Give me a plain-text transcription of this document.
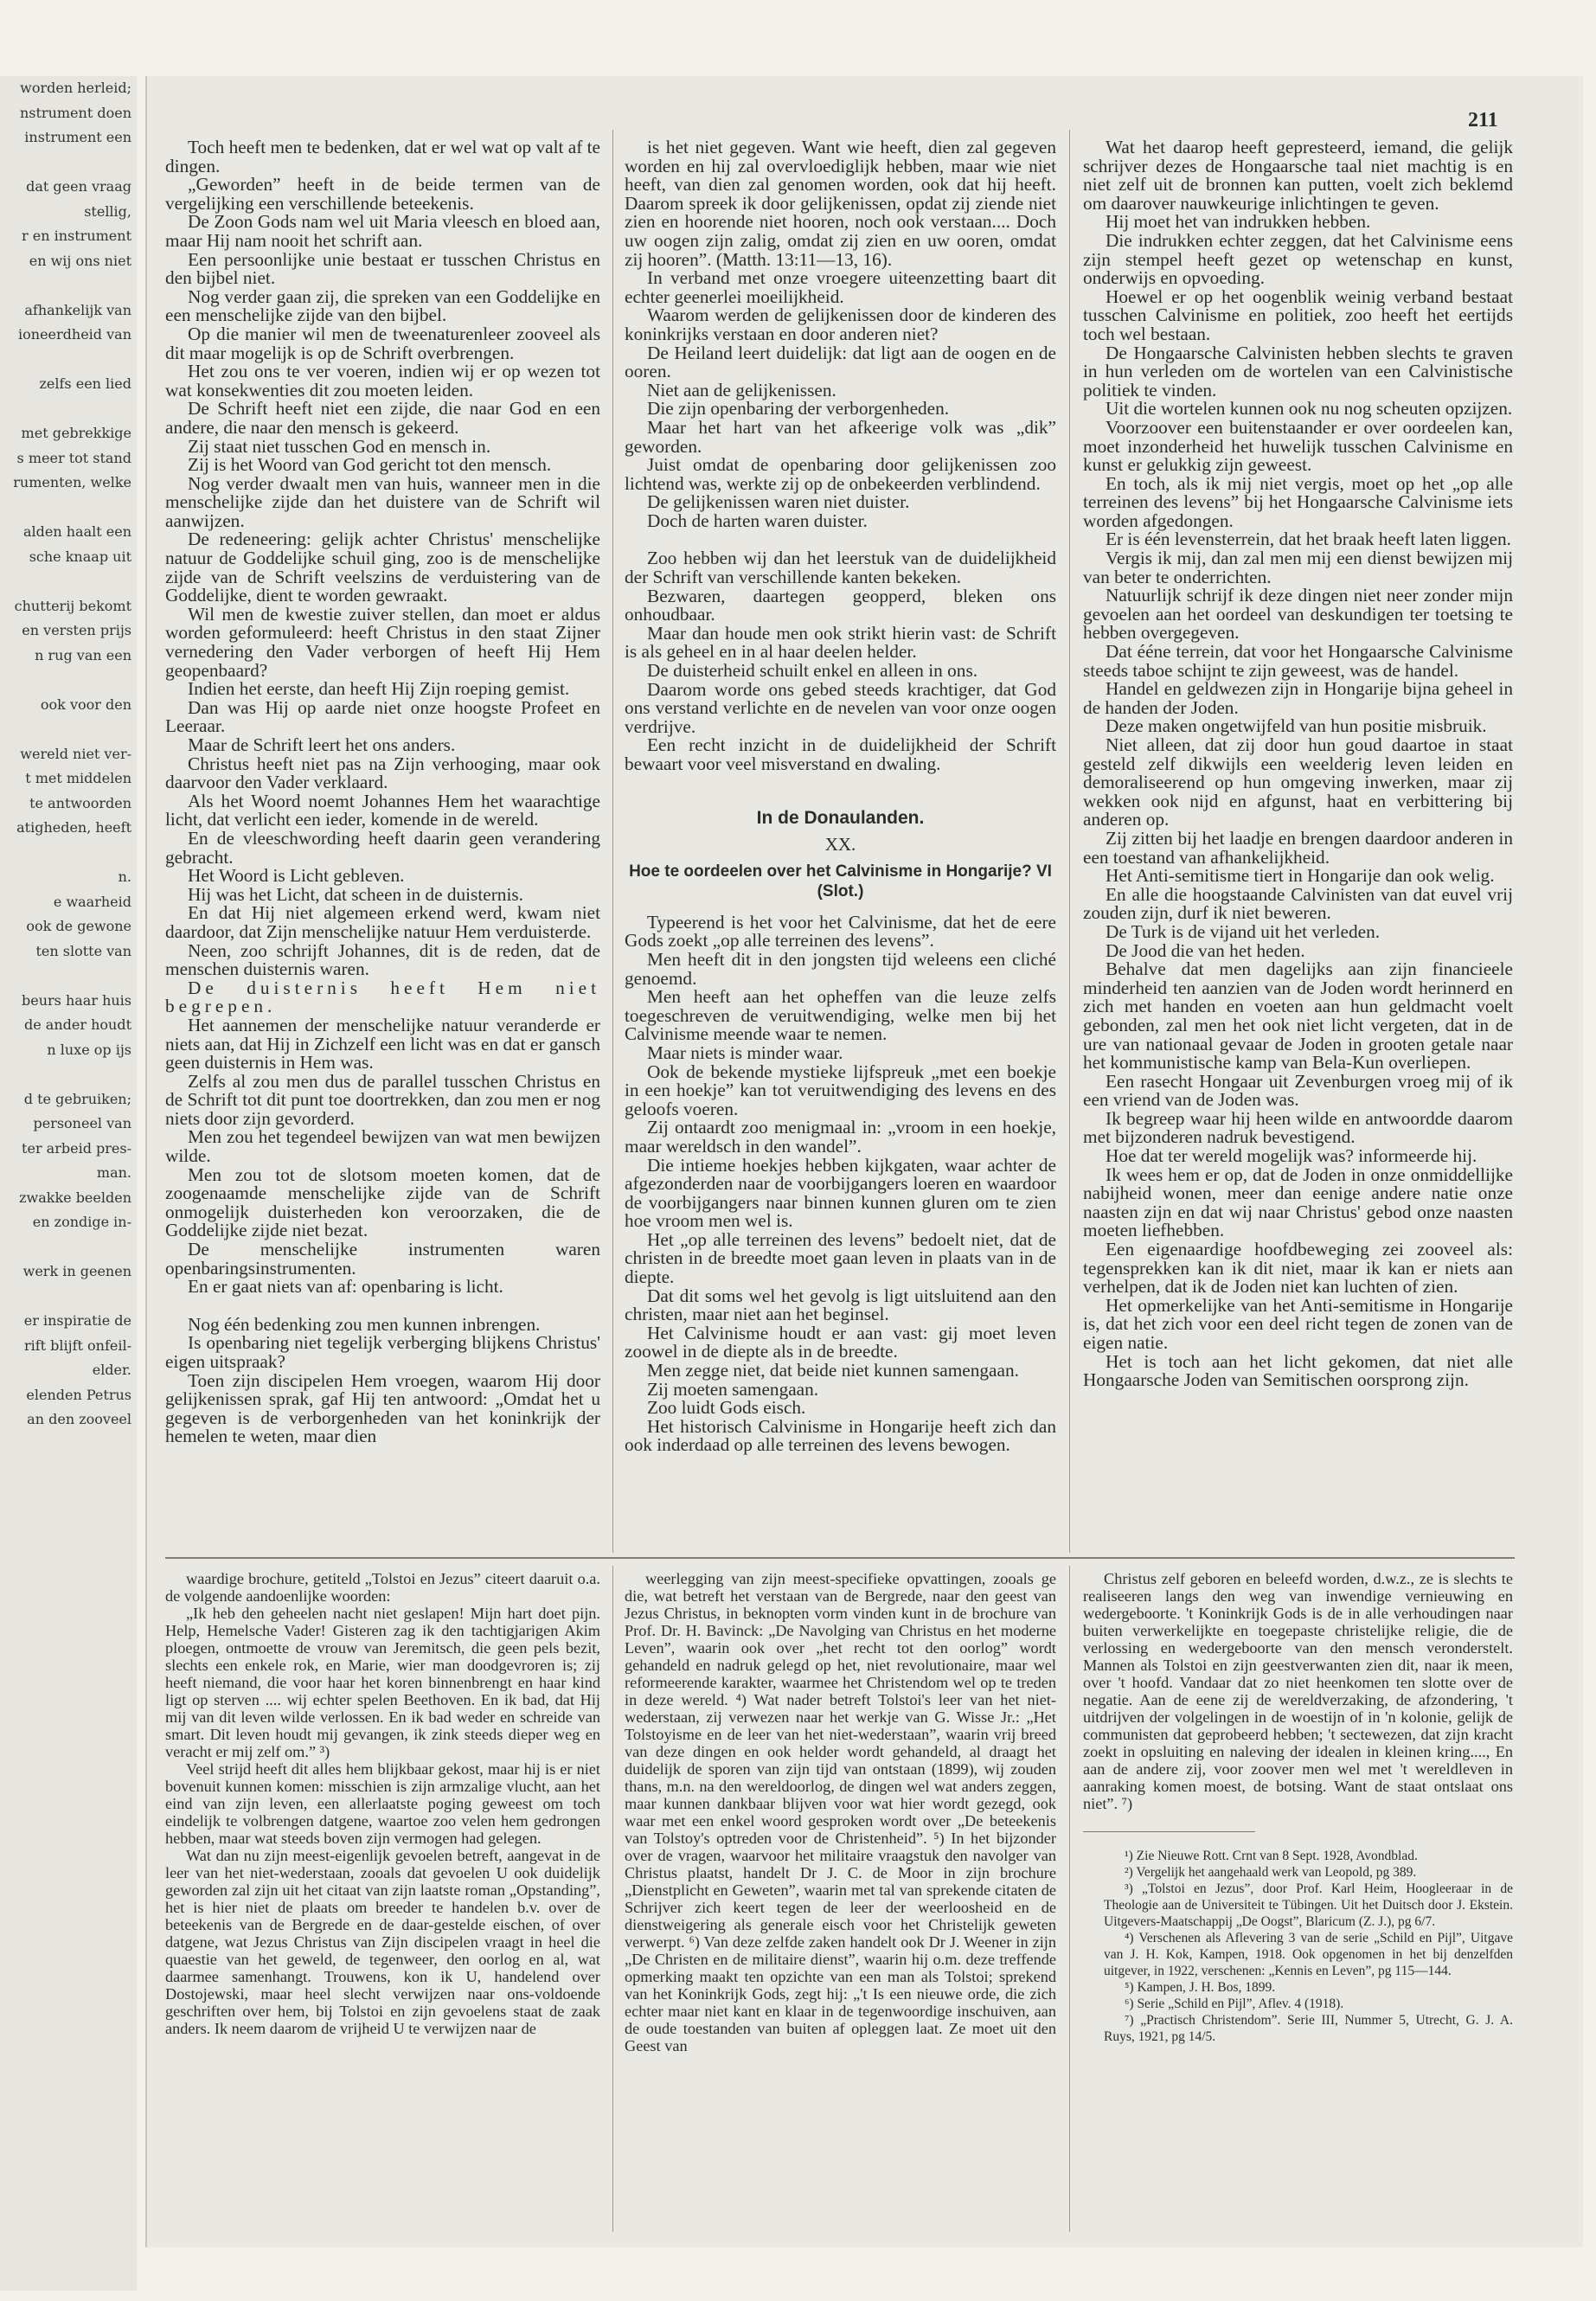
worden herleid;
nstrument doen
instrument een

dat geen vraag
stellig,
r en instrument
en wij ons niet

afhankelijk van
ioneerdheid van

zelfs een lied

met gebrekkige
s meer tot stand
rumenten, welke

alden haalt een
sche knaap uit

chutterij bekomt
en versten prijs
n rug van een

ook voor den

wereld niet ver-
t met middelen
te antwoorden
atigheden, heeft

n.
e waarheid
ook de gewone
ten slotte van

beurs haar huis
de ander houdt
n luxe op ijs

d te gebruiken;
personeel van
ter arbeid pres-
man.
zwakke beelden
en zondige in-

werk in geenen

er inspiratie de
rift blijft onfeil-
elder.
elenden Petrus
an den zooveel
211

Toch heeft men te bedenken, dat er wel wat op valt af te dingen.

„Geworden” heeft in de beide termen van de vergelijking een verschillende beteekenis.

De Zoon Gods nam wel uit Maria vleesch en bloed aan, maar Hij nam nooit het schrift aan.

Een persoonlijke unie bestaat er tusschen Christus en den bijbel niet.

Nog verder gaan zij, die spreken van een Goddelijke en een menschelijke zijde van den bijbel.

Op die manier wil men de tweenaturenleer zooveel als dit maar mogelijk is op de Schrift overbrengen.

Het zou ons te ver voeren, indien wij er op wezen tot wat konsekwenties dit zou moeten leiden.

De Schrift heeft niet een zijde, die naar God en een andere, die naar den mensch is gekeerd.

Zij staat niet tusschen God en mensch in.

Zij is het Woord van God gericht tot den mensch.

Nog verder dwaalt men van huis, wanneer men in die menschelijke zijde dan het duistere van de Schrift wil aanwijzen.

De redeneering: gelijk achter Christus' menschelijke natuur de Goddelijke schuil ging, zoo is de menschelijke zijde van de Schrift veelszins de verduistering van de Goddelijke, dient te worden gewraakt.

Wil men de kwestie zuiver stellen, dan moet er aldus worden geformuleerd: heeft Christus in den staat Zijner vernedering den Vader verborgen of heeft Hij Hem geopenbaard?

Indien het eerste, dan heeft Hij Zijn roeping gemist.

Dan was Hij op aarde niet onze hoogste Profeet en Leeraar.

Maar de Schrift leert het ons anders.

Christus heeft niet pas na Zijn verhooging, maar ook daarvoor den Vader verklaard.

Als het Woord noemt Johannes Hem het waarachtige licht, dat verlicht een ieder, komende in de wereld.

En de vleeschwording heeft daarin geen verandering gebracht.

Het Woord is Licht gebleven.

Hij was het Licht, dat scheen in de duisternis.

En dat Hij niet algemeen erkend werd, kwam niet daardoor, dat Zijn menschelijke natuur Hem verduisterde.

Neen, zoo schrijft Johannes, dit is de reden, dat de menschen duisternis waren.

De duisternis heeft Hem niet begrepen.

Het aannemen der menschelijke natuur veranderde er niets aan, dat Hij in Zichzelf een licht was en dat er gansch geen duisternis in Hem was.

Zelfs al zou men dus de parallel tusschen Christus en de Schrift tot dit punt toe doortrekken, dan zou men er nog niets door zijn gevorderd.

Men zou het tegendeel bewijzen van wat men bewijzen wilde.

Men zou tot de slotsom moeten komen, dat de zoogenaamde menschelijke zijde van de Schrift onmogelijk duisterheden kon veroorzaken, die de Goddelijke zijde niet bezat.

De menschelijke instrumenten waren openbaringsinstrumenten.

En er gaat niets van af: openbaring is licht.

Nog één bedenking zou men kunnen inbrengen.

Is openbaring niet tegelijk verberging blijkens Christus' eigen uitspraak?

Toen zijn discipelen Hem vroegen, waarom Hij door gelijkenissen sprak, gaf Hij ten antwoord: „Omdat het u gegeven is de verborgenheden van het koninkrijk der hemelen te weten, maar dien

is het niet gegeven. Want wie heeft, dien zal gegeven worden en hij zal overvloediglijk hebben, maar wie niet heeft, van dien zal genomen worden, ook dat hij heeft. Daarom spreek ik door gelijkenissen, opdat zij ziende niet zien en hoorende niet hooren, noch ook verstaan.... Doch uw oogen zijn zalig, omdat zij zien en uw ooren, omdat zij hooren”. (Matth. 13:11—13, 16).

In verband met onze vroegere uiteenzetting baart dit echter geenerlei moeilijkheid.

Waarom werden de gelijkenissen door de kinderen des koninkrijks verstaan en door anderen niet?

De Heiland leert duidelijk: dat ligt aan de oogen en de ooren.

Niet aan de gelijkenissen.

Die zijn openbaring der verborgenheden.

Maar het hart van het afkeerige volk was „dik” geworden.

Juist omdat de openbaring door gelijkenissen zoo lichtend was, werkte zij op de onbekeerden verblindend.

De gelijkenissen waren niet duister.

Doch de harten waren duister.

Zoo hebben wij dan het leerstuk van de duidelijkheid der Schrift van verschillende kanten bekeken.

Bezwaren, daartegen geopperd, bleken ons onhoudbaar.

Maar dan houde men ook strikt hierin vast: de Schrift is als geheel en in al haar deelen helder.

De duisterheid schuilt enkel en alleen in ons.

Daarom worde ons gebed steeds krachtiger, dat God ons verstand verlichte en de nevelen van voor onze oogen verdrijve.

Een recht inzicht in de duidelijkheid der Schrift bewaart voor veel misverstand en dwaling.

In de Donaulanden.
XX.
Hoe te oordeelen over het Calvinisme in Hongarije? VI (Slot.)

Typeerend is het voor het Calvinisme, dat het de eere Gods zoekt „op alle terreinen des levens”.

Men heeft dit in den jongsten tijd weleens een cliché genoemd.

Men heeft aan het opheffen van die leuze zelfs toegeschreven de veruitwendiging, welke men bij het Calvinisme meende waar te nemen.

Maar niets is minder waar.

Ook de bekende mystieke lijfspreuk „met een boekje in een hoekje” kan tot veruitwendiging des levens en des geloofs voeren.

Zij ontaardt zoo menigmaal in: „vroom in een hoekje, maar wereldsch in den wandel”.

Die intieme hoekjes hebben kijkgaten, waar achter de afgezonderden naar de voorbijgangers loeren en waardoor de voorbijgangers naar binnen kunnen gluren om te zien hoe vroom men wel is.

Het „op alle terreinen des levens” bedoelt niet, dat de christen in de breedte moet gaan leven in plaats van in de diepte.

Dat dit soms wel het gevolg is ligt uitsluitend aan den christen, maar niet aan het beginsel.

Het Calvinisme houdt er aan vast: gij moet leven zoowel in de diepte als in de breedte.

Men zegge niet, dat beide niet kunnen samengaan.

Zij moeten samengaan.

Zoo luidt Gods eisch.

Het historisch Calvinisme in Hongarije heeft zich dan ook inderdaad op alle terreinen des levens bewogen.

Wat het daarop heeft gepresteerd, iemand, die gelijk schrijver dezes de Hongaarsche taal niet machtig is en niet zelf uit de bronnen kan putten, voelt zich beklemd om daarover nauwkeurige inlichtingen te geven.

Hij moet het van indrukken hebben.

Die indrukken echter zeggen, dat het Calvinisme eens zijn stempel heeft gezet op wetenschap en kunst, onderwijs en opvoeding.

Hoewel er op het oogenblik weinig verband bestaat tusschen Calvinisme en politiek, zoo heeft het eertijds toch wel bestaan.

De Hongaarsche Calvinisten hebben slechts te graven in hun verleden om de wortelen van een Calvinistische politiek te vinden.

Uit die wortelen kunnen ook nu nog scheuten opzijzen.

Voorzoover een buitenstaander er over oordeelen kan, moet inzonderheid het huwelijk tusschen Calvinisme en kunst er gelukkig zijn geweest.

En toch, als ik mij niet vergis, moet op het „op alle terreinen des levens” bij het Hongaarsche Calvinisme iets worden afgedongen.

Er is één levensterrein, dat het braak heeft laten liggen.

Vergis ik mij, dan zal men mij een dienst bewijzen mij van beter te onderrichten.

Natuurlijk schrijf ik deze dingen niet neer zonder mijn gevoelen aan het oordeel van deskundigen ter toetsing te hebben overgegeven.

Dat ééne terrein, dat voor het Hongaarsche Calvinisme steeds taboe schijnt te zijn geweest, was de handel.

Handel en geldwezen zijn in Hongarije bijna geheel in de handen der Joden.

Deze maken ongetwijfeld van hun positie misbruik.

Niet alleen, dat zij door hun goud daartoe in staat gesteld zelf dikwijls een weelderig leven leiden en demoraliseerend op hun omgeving inwerken, maar zij wekken ook nijd en afgunst, haat en verbittering bij anderen op.

Zij zitten bij het laadje en brengen daardoor anderen in een toestand van afhankelijkheid.

Het Anti-semitisme tiert in Hongarije dan ook welig.

En alle die hoogstaande Calvinisten van dat euvel vrij zouden zijn, durf ik niet beweren.

De Turk is de vijand uit het verleden.

De Jood die van het heden.

Behalve dat men dagelijks aan zijn financieele minderheid ten aanzien van de Joden wordt herinnerd en zich met handen en voeten aan hun geldmacht voelt gebonden, zal men het ook niet licht vergeten, dat in de ure van nationaal gevaar de Joden in grooten getale naar het kommunistische kamp van Bela-Kun overliepen.

Een rasecht Hongaar uit Zevenburgen vroeg mij of ik een vriend van de Joden was.

Ik begreep waar hij heen wilde en antwoordde daarom met bijzonderen nadruk bevestigend.

Hoe dat ter wereld mogelijk was? informeerde hij.

Ik wees hem er op, dat de Joden in onze onmiddellijke nabijheid wonen, meer dan eenige andere natie onze naasten zijn en dat wij naar Christus' gebod onze naasten moeten liefhebben.

Een eigenaardige hoofdbeweging zei zooveel als: tegensprekken kan ik dit niet, maar ik kan er niets aan verhelpen, dat ik de Joden niet kan luchten of zien.

Het opmerkelijke van het Anti-semitisme in Hongarije is, dat het zich voor een deel richt tegen de zonen van de eigen natie.

Het is toch aan het licht gekomen, dat niet alle Hongaarsche Joden van Semitischen oorsprong zijn.

waardige brochure, getiteld „Tolstoi en Jezus” citeert daaruit o.a. de volgende aandoenlijke woorden:

„Ik heb den geheelen nacht niet geslapen! Mijn hart doet pijn. Help, Hemelsche Vader! Gisteren zag ik den tachtigjarigen Akim ploegen, ontmoette de vrouw van Jeremitsch, die geen pels bezit, slechts een enkele rok, en Marie, wier man doodgevroren is; zij heeft niemand, die voor haar het koren binnenbrengt en haar kind ligt op sterven .... wij echter spelen Beethoven. En ik bad, dat Hij mij van dit leven wilde verlossen. En ik bad weder en schreide van smart. Dit leven houdt mij gevangen, ik zink steeds dieper weg en veracht er mij zelf om.” ³)

Veel strijd heeft dit alles hem blijkbaar gekost, maar hij is er niet bovenuit kunnen komen: misschien is zijn armzalige vlucht, aan het eind van zijn leven, een allerlaatste poging geweest om toch eindelijk te volbrengen datgene, waartoe zoo velen hem gedrongen hebben, maar wat steeds boven zijn vermogen had gelegen.

Wat dan nu zijn meest-eigenlijk gevoelen betreft, aangevat in de leer van het niet-wederstaan, zooals dat gevoelen U ook duidelijk geworden zal zijn uit het citaat van zijn laatste roman „Opstanding”, het is hier niet de plaats om breeder te handelen b.v. over de beteekenis van de Bergrede en de daar-gestelde eischen, of over datgene, wat Jezus Christus van Zijn discipelen vraagt in heel die quaestie van het geweld, de tegenweer, den oorlog en al, wat daarmee samenhangt. Trouwens, kon ik U, handelend over Dostojewski, maar heel slecht verwijzen naar ons-voldoende geschriften over hem, bij Tolstoi en zijn gevoelens staat de zaak anders. Ik neem daarom de vrijheid U te verwijzen naar de

weerlegging van zijn meest-specifieke opvattingen, zooals ge die, wat betreft het verstaan van de Bergrede, naar den geest van Jezus Christus, in beknopten vorm vinden kunt in de brochure van Prof. Dr. H. Bavinck: „De Navolging van Christus en het moderne Leven”, waarin ook over „het recht tot den oorlog” wordt gehandeld en nadruk gelegd op het, niet revolutionaire, maar wel reformeerende karakter, waarmee het Christendom wel op te treden in deze wereld. ⁴) Wat nader betreft Tolstoi's leer van het niet-wederstaan, zij verwezen naar het werkje van G. Wisse Jr.: „Het Tolstoyisme en de leer van het niet-wederstaan”, waarin vrij breed van deze dingen en ook helder wordt gehandeld, al draagt het duidelijk de sporen van zijn tijd van ontstaan (1899), wij zouden thans, m.n. na den wereldoorlog, de dingen wel wat anders zeggen, maar kunnen dankbaar blijven voor wat hier wordt gezegd, ook waar met een enkel woord gesproken wordt over „De beteekenis van Tolstoy's optreden voor de Christenheid”. ⁵) In het bijzonder over de vragen, waarvoor het militaire vraagstuk den navolger van Christus plaatst, handelt Dr J. C. de Moor in zijn brochure „Dienstplicht en Geweten”, waarin met tal van sprekende citaten de Schrijver zich keert tegen de leer der weerloosheid en de dienstweigering als generale eisch voor het Christelijk geweten verwerpt. ⁶) Van deze zelfde zaken handelt ook Dr J. Weener in zijn „De Christen en de militaire dienst”, waarin hij o.m. deze treffende opmerking maakt ten opzichte van een man als Tolstoi; sprekend van het Koninkrijk Gods, zegt hij: „'t Is een nieuwe orde, die zich echter maar niet kant en klaar in de tegenwoordige inschuiven, aan de oude toestanden van buiten af opleggen laat. Ze moet uit den Geest van

Christus zelf geboren en beleefd worden, d.w.z., ze is slechts te realiseeren langs den weg van inwendige vernieuwing en wedergeboorte. 't Koninkrijk Gods is de in alle verhoudingen naar buiten verwerkelijkte en toegepaste christelijke religie, die de verlossing en wedergeboorte van den mensch veronderstelt. Mannen als Tolstoi en zijn geestverwanten zien dit, naar ik meen, over 't hoofd. Vandaar dat zo niet heenkomen ten slotte over de negatie. Aan de eene zij de wereldverzaking, de afzondering, 't uitdrijven der volgelingen in de woestijn of in 'n kolonie, gelijk de communisten dat geprobeerd hebben; 't sectewezen, dat zijn kracht zoekt in opsluiting en naleving der idealen in kleinen kring...., En aan de andere zij, voor zoover men wel met 't wereldleven in aanraking komen moest, de botsing. Want de staat ontslaat ons niet”. ⁷)

¹) Zie Nieuwe Rott. Crnt van 8 Sept. 1928, Avondblad.

²) Vergelijk het aangehaald werk van Leopold, pg 389.

³) „Tolstoi en Jezus”, door Prof. Karl Heim, Hoogleeraar in de Theologie aan de Universiteit te Tübingen. Uit het Duitsch door J. Ekstein. Uitgevers-Maatschappij „De Oogst”, Blaricum (Z. J.), pg 6/7.

⁴) Verschenen als Aflevering 3 van de serie „Schild en Pijl”, Uitgave van J. H. Kok, Kampen, 1918. Ook opgenomen in het bij denzelfden uitgever, in 1922, verschenen: „Kennis en Leven”, pg 115—144.

⁵) Kampen, J. H. Bos, 1899.

⁶) Serie „Schild en Pijl”, Aflev. 4 (1918).

⁷) „Practisch Christendom”. Serie III, Nummer 5, Utrecht, G. J. A. Ruys, 1921, pg 14/5.
